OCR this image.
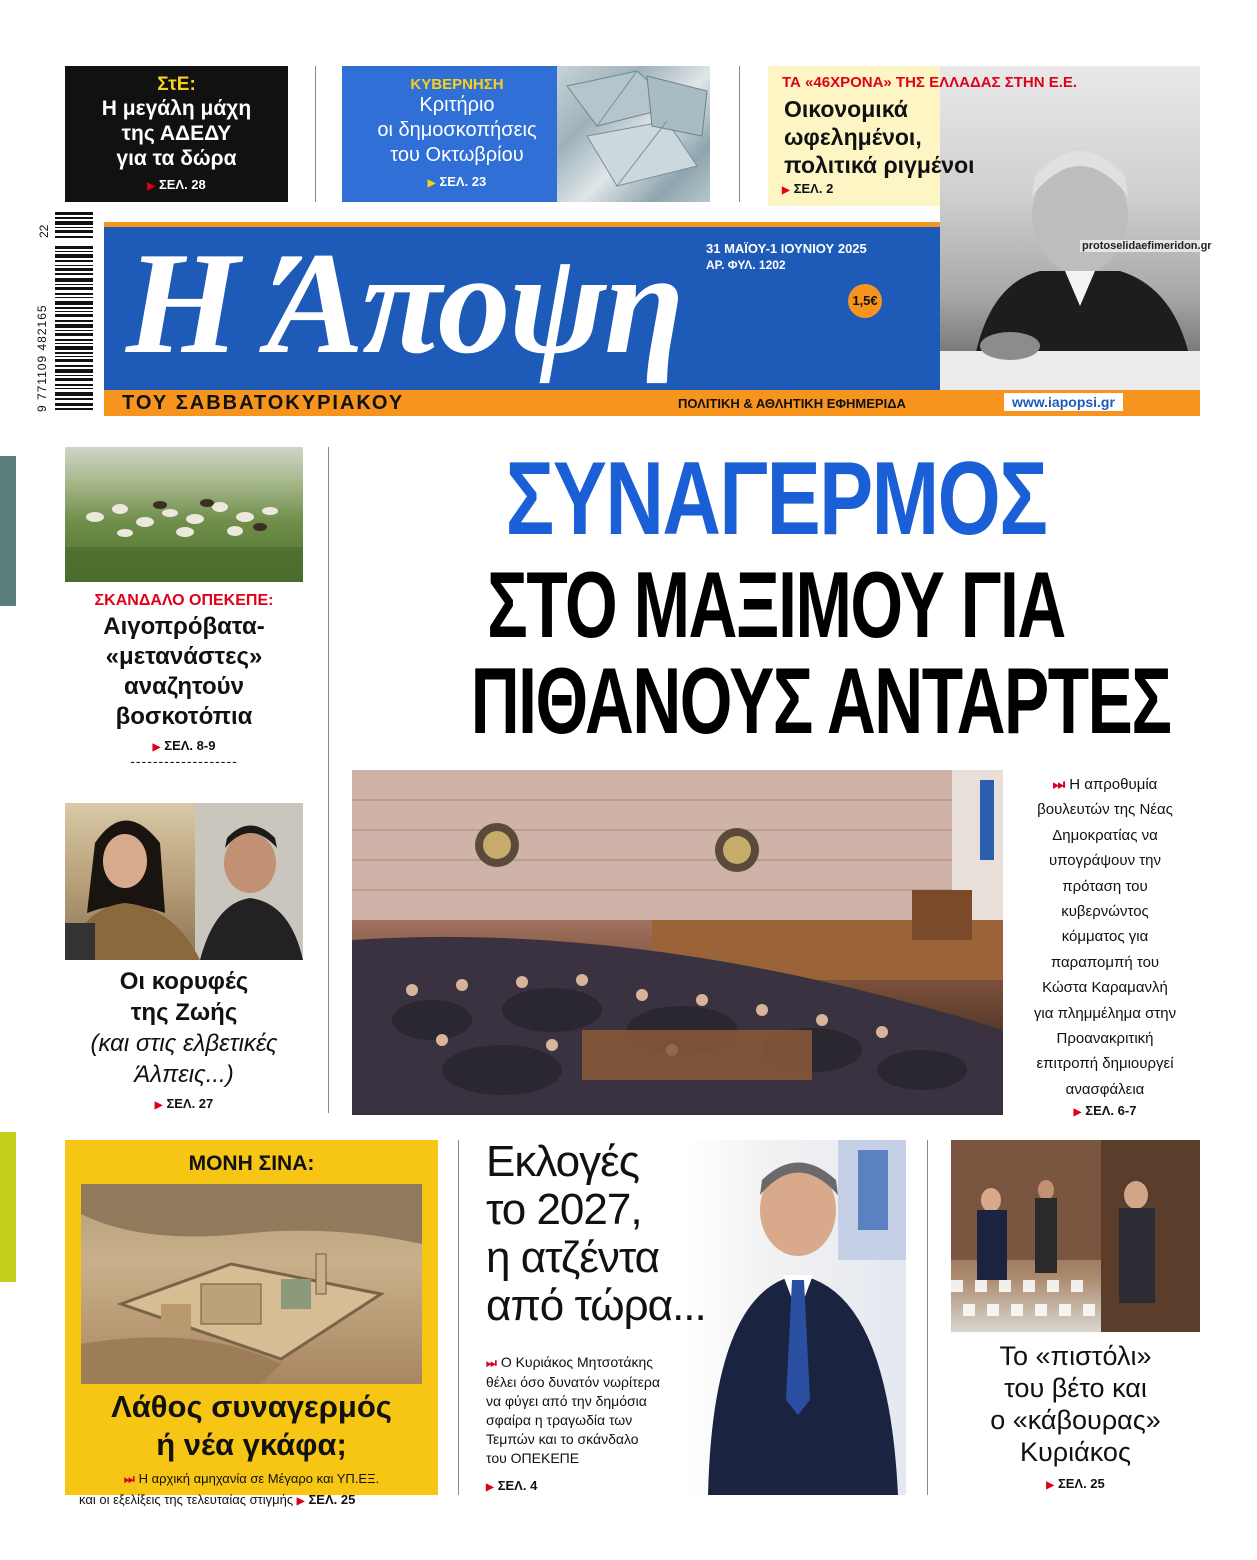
ΣτΕ:
Η μεγάλη μάχη
της ΑΔΕΔΥ
για τα δώρα
▶ ΣΕΛ. 28
ΚΥΒΕΡΝΗΣΗ
Κριτήριο
οι δημοσκοπήσεις
του Οκτωβρίου
▶ ΣΕΛ. 23
ΤΑ «46ΧΡΟΝΑ» ΤΗΣ ΕΛΛΑΔΑΣ ΣΤΗΝ Ε.Ε.
Οικονομικά
ωφελημένοι,
πολιτικά ριγμένοι
▶ ΣΕΛ. 2
22
9 771109 482165 Η Άποψη 31 ΜΑΪΟΥ-1 ΙΟΥΝΙΟΥ 2025
ΑΡ. ΦΥΛ. 1202
1,5€
protoselidaefimeridon.gr
ΤΟΥ ΣΑΒΒΑΤΟΚΥΡΙΑΚΟΥ	ΠΟΛΙΤΙΚΗ & ΑΘΛΗΤΙΚΗ ΕΦΗΜΕΡΙΔΑ	www.iapopsi.gr
ΣΚΑΝΔΑΛΟ ΟΠΕΚΕΠΕ:
Αιγοπρόβατα-
«μετανάστες»
αναζητούν
βοσκοτόπια
▶ ΣΕΛ. 8-9
-------------------
Οι κορυφές
της Ζωής
(και στις ελβετικές
Άλπεις...)
▶ ΣΕΛ. 27
ΣΥΝΑΓΕΡΜΟΣ
ΣΤΟ ΜΑΞΙΜΟΥ ΓΙΑ
ΠΙΘΑΝΟΥΣ ΑΝΤΑΡΤΕΣ
⏭ Η απροθυμία
βουλευτών της Νέας
Δημοκρατίας να
υπογράψουν την
πρόταση του
κυβερνώντος
κόμματος για
παραπομπή του
Κώστα Καραμανλή
για πλημμέλημα στην
Προανακριτική
επιτροπή δημιουργεί
ανασφάλεια
▶ ΣΕΛ. 6-7
ΜΟΝΗ ΣΙΝΑ:
Λάθος συναγερμός
ή νέα γκάφα;
⏭ Η αρχική αμηχανία σε Μέγαρο και ΥΠ.ΕΞ.
και οι εξελίξεις της τελευταίας στιγμής ▶ ΣΕΛ. 25
Εκλογές
το 2027,
η ατζέντα
από τώρα...
⏭ Ο Κυριάκος Μητσοτάκης
θέλει όσο δυνατόν νωρίτερα
να φύγει από την δημόσια
σφαίρα η τραγωδία των
Τεμπών και το σκάνδαλο
του ΟΠΕΚΕΠΕ
▶ ΣΕΛ. 4
Το «πιστόλι»
του βέτο και
ο «κάβουρας»
Κυριάκος
▶ ΣΕΛ. 25
